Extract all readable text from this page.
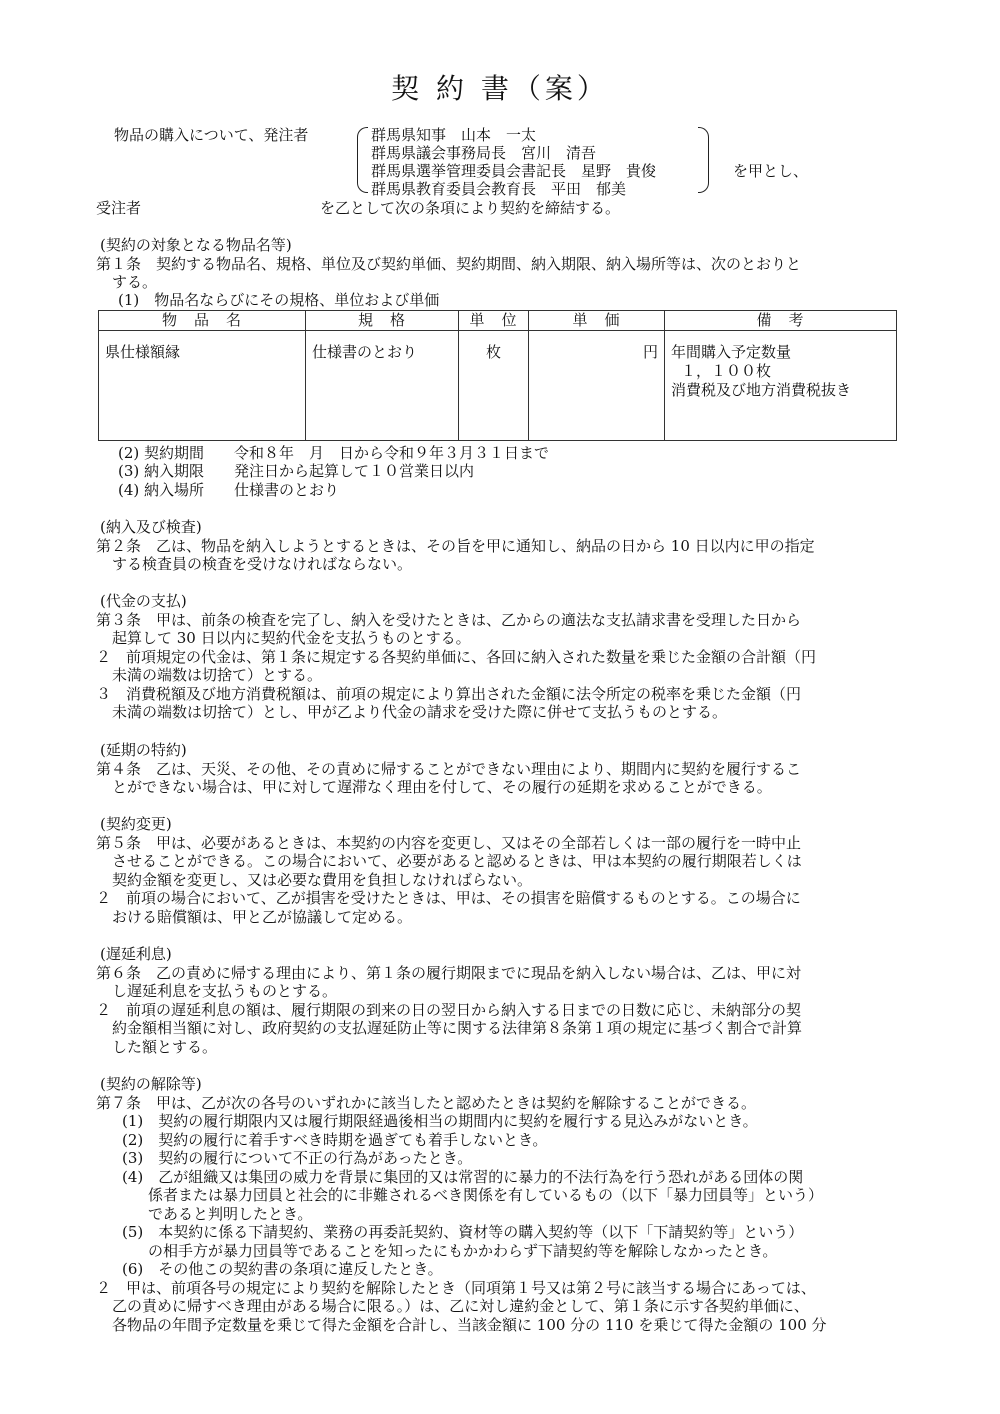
契 約 書（案）
物品の購入について、発注者	群馬県知事　山本　一太
群馬県議会事務局長　宮川　清吾
群馬県選挙管理委員会書記長　星野　貴俊
群馬県教育委員会教育長　平田　郁美
を甲とし、
受注者	を乙として次の条項により契約を締結する。
(契約の対象となる物品名等)
第１条　契約する物品名、規格、単位及び契約単価、契約期間、納入期限、納入場所等は、次のとおりと
する。
(1)　物品名ならびにその規格、単位および単価
物　品　名	規　格	単　位	単　価	備　考
県仕様額縁	仕様書のとおり	枚	円	年間購入予定数量
１，１００枚
消費税及び地方消費税抜き
(2) 契約期間　　令和８年　月　日から令和９年３月３１日まで
(3) 納入期限　　発注日から起算して１０営業日以内
(4) 納入場所　　仕様書のとおり
(納入及び検査)
第２条　乙は、物品を納入しようとするときは、その旨を甲に通知し、納品の日から 10 日以内に甲の指定
する検査員の検査を受けなければならない。
(代金の支払)
第３条　甲は、前条の検査を完了し、納入を受けたときは、乙からの適法な支払請求書を受理した日から
起算して 30 日以内に契約代金を支払うものとする。
２　前項規定の代金は、第１条に規定する各契約単価に、各回に納入された数量を乗じた金額の合計額（円
未満の端数は切捨て）とする。
３　消費税額及び地方消費税額は、前項の規定により算出された金額に法令所定の税率を乗じた金額（円
未満の端数は切捨て）とし、甲が乙より代金の請求を受けた際に併せて支払うものとする。
(延期の特約)
第４条　乙は、天災、その他、その責めに帰することができない理由により、期間内に契約を履行するこ
とができない場合は、甲に対して遅滞なく理由を付して、その履行の延期を求めることができる。
(契約変更)
第５条　甲は、必要があるときは、本契約の内容を変更し、又はその全部若しくは一部の履行を一時中止
させることができる。この場合において、必要があると認めるときは、甲は本契約の履行期限若しくは
契約金額を変更し、又は必要な費用を負担しなければらない。
２　前項の場合において、乙が損害を受けたときは、甲は、その損害を賠償するものとする。この場合に
おける賠償額は、甲と乙が協議して定める。
(遅延利息)
第６条　乙の責めに帰する理由により、第１条の履行期限までに現品を納入しない場合は、乙は、甲に対
し遅延利息を支払うものとする。
２　前項の遅延利息の額は、履行期限の到来の日の翌日から納入する日までの日数に応じ、未納部分の契
約金額相当額に対し、政府契約の支払遅延防止等に関する法律第８条第１項の規定に基づく割合で計算
した額とする。
(契約の解除等)
第７条　甲は、乙が次の各号のいずれかに該当したと認めたときは契約を解除することができる。
(1)　契約の履行期限内又は履行期限経過後相当の期間内に契約を履行する見込みがないとき。
(2)　契約の履行に着手すべき時期を過ぎても着手しないとき。
(3)　契約の履行について不正の行為があったとき。
(4)　乙が組織又は集団の威力を背景に集団的又は常習的に暴力的不法行為を行う恐れがある団体の関
係者または暴力団員と社会的に非難されるべき関係を有しているもの（以下「暴力団員等」という）
であると判明したとき。
(5)　本契約に係る下請契約、業務の再委託契約、資材等の購入契約等（以下「下請契約等」という）
の相手方が暴力団員等であることを知ったにもかかわらず下請契約等を解除しなかったとき。
(6)　その他この契約書の条項に違反したとき。
２　甲は、前項各号の規定により契約を解除したとき（同項第１号又は第２号に該当する場合にあっては、
乙の責めに帰すべき理由がある場合に限る。）は、乙に対し違約金として、第１条に示す各契約単価に、
各物品の年間予定数量を乗じて得た金額を合計し、当該金額に 100 分の 110 を乗じて得た金額の 100 分
